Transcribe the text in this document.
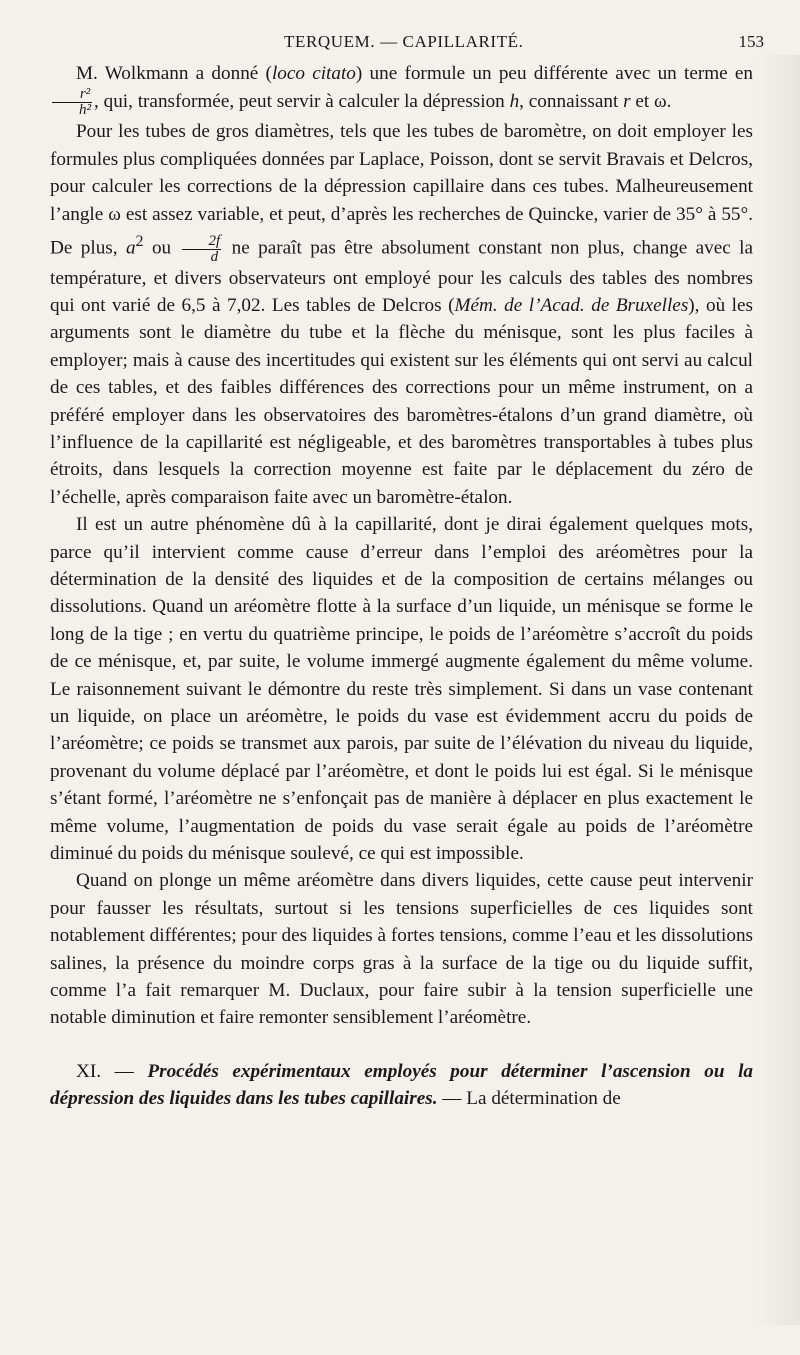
TERQUEM. — CAPILLARITÉ.	153

M. Wolkmann a donné (loco citato) une formule un peu différente avec un terme en
$\frac{\text{r²}}{\text{h²}}$ , qui, transformée, peut servir à calculer la dépression h, connaissant r et ω.

Pour les tubes de gros diamètres, tels que les tubes de baromètre, on doit employer les formules plus compliquées données par Laplace, Poisson, dont se servit Bravais et Delcros, pour calculer les corrections de la dépression capillaire dans ces tubes. Malheureusement l’angle ω est assez variable, et peut, d’après les recherches de Quincke, varier de 35° à 55°. De plus, $a^2$ ou $\frac{2f}{d}$ ne paraît pas être absolument constant non plus, change avec la température, et divers observateurs ont employé pour les calculs des tables des nombres qui ont varié de 6,5 à 7,02. Les tables de Delcros (Mém. de l’Acad. de Bruxelles), où les arguments sont le diamètre du tube et la flèche du ménisque, sont les plus faciles à employer; mais à cause des incertitudes qui existent sur les éléments qui ont servi au calcul de ces tables, et des faibles différences des corrections pour un même instrument, on a préféré employer dans les observatoires des baromètres-étalons d’un grand diamètre, où l’influence de la capillarité est négligeable, et des baromètres transportables à tubes plus étroits, dans lesquels la correction moyenne est faite par le déplacement du zéro de l’échelle, après comparaison faite avec un baromètre-étalon.

Il est un autre phénomène dû à la capillarité, dont je dirai également quelques mots, parce qu’il intervient comme cause d’erreur dans l’emploi des aréomètres pour la détermination de la densité des liquides et de la composition de certains mélanges ou dissolutions. Quand un aréomètre flotte à la surface d’un liquide, un ménisque se forme le long de la tige ; en vertu du quatrième principe, le poids de l’aréomètre s’accroît du poids de ce ménisque, et, par suite, le volume immergé augmente également du même volume. Le raisonnement suivant le démontre du reste très simplement. Si dans un vase contenant un liquide, on place un aréomètre, le poids du vase est évidemment accru du poids de l’aréomètre; ce poids se transmet aux parois, par suite de l’élévation du niveau du liquide, provenant du volume déplacé par l’aréomètre, et dont le poids lui est égal. Si le ménisque s’étant formé, l’aréomètre ne s’enfonçait pas de manière à déplacer en plus exactement le même volume, l’augmentation de poids du vase serait égale au poids de l’aréomètre diminué du poids du ménisque soulevé, ce qui est impossible.

Quand on plonge un même aréomètre dans divers liquides, cette cause peut intervenir pour fausser les résultats, surtout si les tensions superficielles de ces liquides sont notablement différentes; pour des liquides à fortes tensions, comme l’eau et les dissolutions salines, la présence du moindre corps gras à la surface de la tige ou du liquide suffit, comme l’a fait remarquer M. Duclaux, pour faire subir à la tension superficielle une notable diminution et faire remonter sensiblement l’aréomètre.

XI. — Procédés expérimentaux employés pour déterminer l’ascension ou la dépression des liquides dans les tubes capillaires. — La détermination de
